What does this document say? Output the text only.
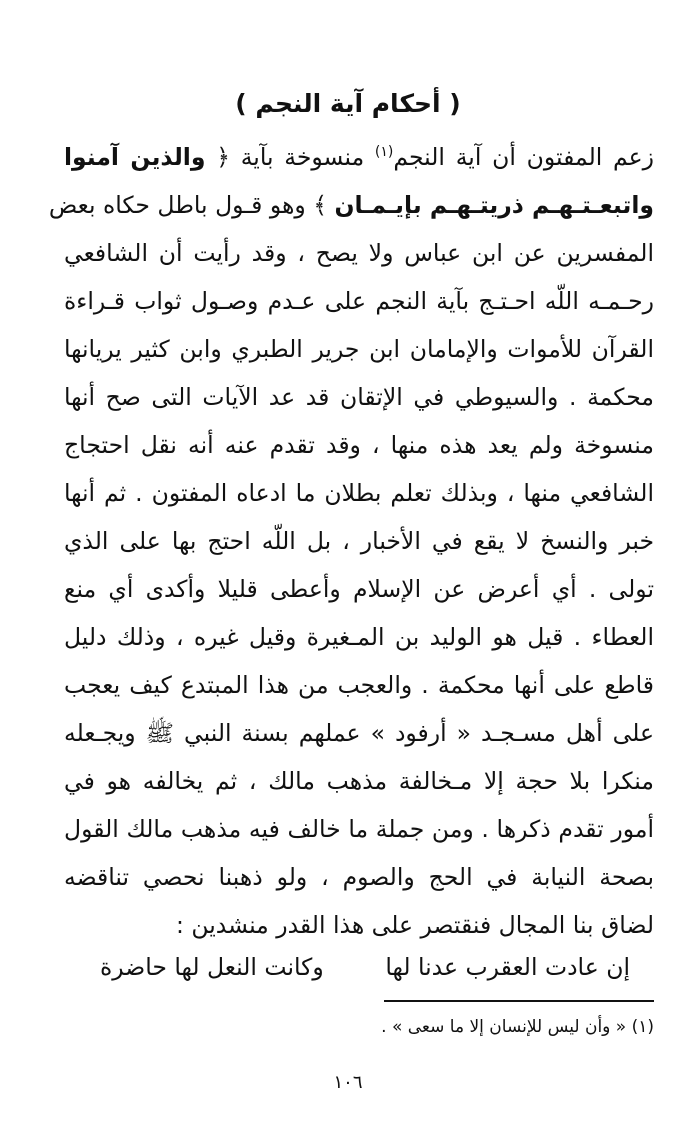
( أحكام آية النجم )
زعم المفتون أن آية النجم$^{(١)}$ منسوخة بآية ﴿ والذين آمنوا
واتبعـتـهـم ذريتـهـم بإيـمـان ﴾ وهو قـول باطل حكاه بعض
المفسرين عن ابن عباس ولا يصح ، وقد رأيت أن الشافعي
رحـمـه اللّه احـتـج بآية النجم على عـدم وصـول ثواب قـراءة
القرآن للأموات والإمامان ابن جرير الطبري وابن كثير يريانها
محكمة . والسيوطي في الإتقان قد عد الآيات التى صح أنها
منسوخة ولم يعد هذه منها ، وقد تقدم عنه أنه نقل احتجاج
الشافعي منها ، وبذلك تعلم بطلان ما ادعاه المفتون . ثم أنها
خبر والنسخ لا يقع في الأخبار ، بل اللّه احتج بها على الذي
تولى . أي أعرض عن الإسلام وأعطى قليلا وأكدى أي منع
العطاء . قيل هو الوليد بن المـغيرة وقيل غيره ، وذلك دليل
قاطع على أنها محكمة . والعجب من هذا المبتدع كيف يعجب
على أهل مسـجـد « أرفود » عملهم بسنة النبي ﷺ ويجـعله
منكرا بلا حجة إلا مـخالفة مذهب مالك ، ثم يخالفه هو في
أمور تقدم ذكرها . ومن جملة ما خالف فيه مذهب مالك القول
بصحة النيابة في الحج والصوم ، ولو ذهبنا نحصي تناقضه
لضاق بنا المجال فنقتصر على هذا القدر منشدين :
إن عادت العقرب عدنا لها
وكانت النعل لها حاضرة
(١) « وأن ليس للإنسان إلا ما سعى » .
١٠٦
